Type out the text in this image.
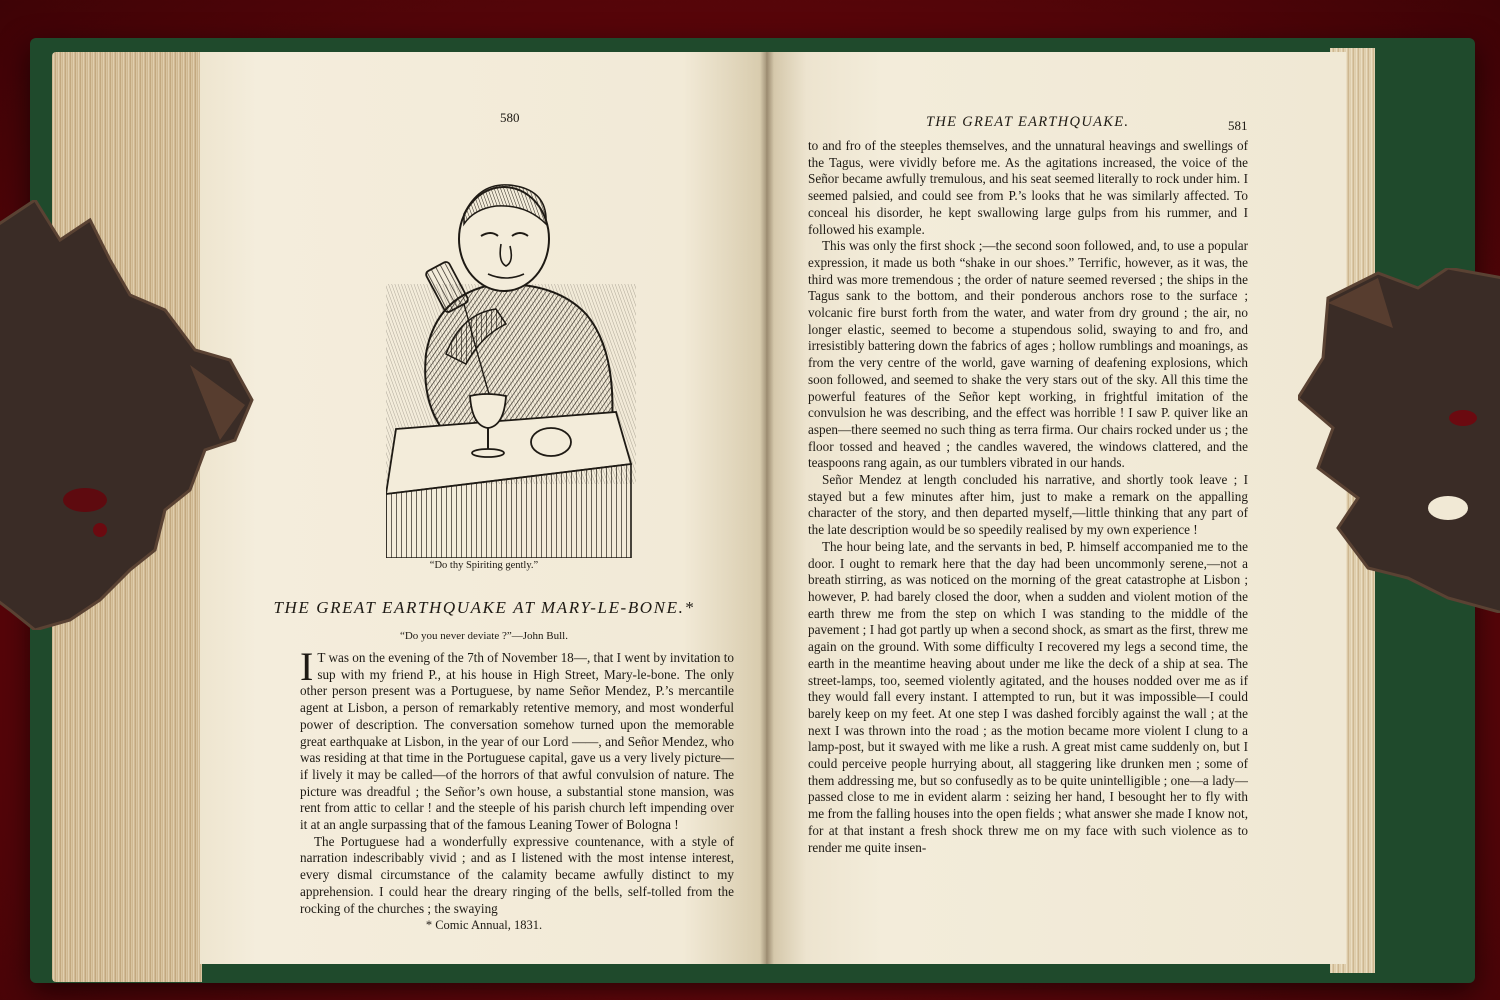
580
“Do thy Spiriting gently.”
THE GREAT EARTHQUAKE AT MARY-LE-BONE.*
“Do you never deviate ?”—John Bull.

I T was on the evening of the 7th of November 18—, that I went by invitation to sup with my friend P., at his house in High Street, Mary-le-bone. The only other person present was a Portuguese, by name Señor Mendez, P.’s mercantile agent at Lisbon, a person of remarkably retentive memory, and most wonderful power of description. The conversation somehow turned upon the memorable great earthquake at Lisbon, in the year of our Lord ——, and Señor Mendez, who was residing at that time in the Portuguese capital, gave us a very lively picture—if lively it may be called—of the horrors of that awful convulsion of nature. The picture was dreadful ; the Señor’s own house, a substantial stone mansion, was rent from attic to cellar ! and the steeple of his parish church left impending over it at an angle surpassing that of the famous Leaning Tower of Bologna !

The Portuguese had a wonderfully expressive countenance, with a style of narration indescribably vivid ; and as I listened with the most intense interest, every dismal circumstance of the calamity became awfully distinct to my apprehension. I could hear the dreary ringing of the bells, self-tolled from the rocking of the churches ; the swaying

* Comic Annual, 1831.
THE GREAT EARTHQUAKE.	581

to and fro of the steeples themselves, and the unnatural heavings and swellings of the Tagus, were vividly before me. As the agitations increased, the voice of the Señor became awfully tremulous, and his seat seemed literally to rock under him. I seemed palsied, and could see from P.’s looks that he was similarly affected. To conceal his disorder, he kept swallowing large gulps from his rummer, and I followed his example.

This was only the first shock ;—the second soon followed, and, to use a popular expression, it made us both “shake in our shoes.” Terrific, however, as it was, the third was more tremendous ; the order of nature seemed reversed ; the ships in the Tagus sank to the bottom, and their ponderous anchors rose to the surface ; volcanic fire burst forth from the water, and water from dry ground ; the air, no longer elastic, seemed to become a stupendous solid, swaying to and fro, and irresistibly battering down the fabrics of ages ; hollow rumblings and moanings, as from the very centre of the world, gave warning of deafening explosions, which soon followed, and seemed to shake the very stars out of the sky. All this time the powerful features of the Señor kept working, in frightful imitation of the convulsion he was describing, and the effect was horrible ! I saw P. quiver like an aspen—there seemed no such thing as terra firma. Our chairs rocked under us ; the floor tossed and heaved ; the candles wavered, the windows clattered, and the teaspoons rang again, as our tumblers vibrated in our hands.

Señor Mendez at length concluded his narrative, and shortly took leave ; I stayed but a few minutes after him, just to make a remark on the appalling character of the story, and then departed myself,—little thinking that any part of the late description would be so speedily realised by my own experience !

The hour being late, and the servants in bed, P. himself accompanied me to the door. I ought to remark here that the day had been uncommonly serene,—not a breath stirring, as was noticed on the morning of the great catastrophe at Lisbon ; however, P. had barely closed the door, when a sudden and violent motion of the earth threw me from the step on which I was standing to the middle of the pavement ; I had got partly up when a second shock, as smart as the first, threw me again on the ground. With some difficulty I recovered my legs a second time, the earth in the meantime heaving about under me like the deck of a ship at sea. The street-lamps, too, seemed violently agitated, and the houses nodded over me as if they would fall every instant. I attempted to run, but it was impossible—I could barely keep on my feet. At one step I was dashed forcibly against the wall ; at the next I was thrown into the road ; as the motion became more violent I clung to a lamp-post, but it swayed with me like a rush. A great mist came suddenly on, but I could perceive people hurrying about, all staggering like drunken men ; some of them addressing me, but so confusedly as to be quite unintelligible ; one—a lady—passed close to me in evident alarm : seizing her hand, I besought her to fly with me from the falling houses into the open fields ; what answer she made I know not, for at that instant a fresh shock threw me on my face with such violence as to render me quite insen-
